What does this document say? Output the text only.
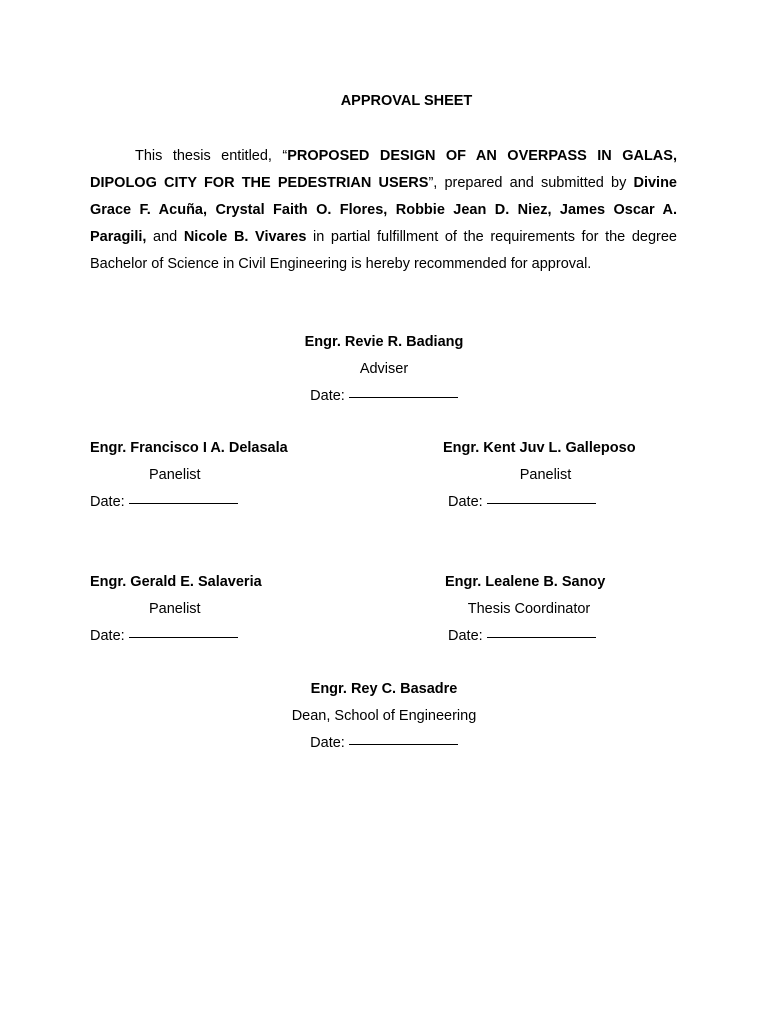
APPROVAL SHEET
This thesis entitled, “PROPOSED DESIGN OF AN OVERPASS IN GALAS, DIPOLOG CITY FOR THE PEDESTRIAN USERS”, prepared and submitted by Divine Grace F. Acuña, Crystal Faith O. Flores, Robbie Jean D. Niez, James Oscar A. Paragili, and Nicole B. Vivares in partial fulfillment of the requirements for the degree Bachelor of Science in Civil Engineering is hereby recommended for approval.
Engr. Revie R. Badiang
Adviser
Date:
Engr. Francisco I A. Delasala
Panelist
Date:
Engr. Kent Juv L. Galleposo
Panelist
Date:
Engr. Gerald E. Salaveria
Panelist
Date:
Engr. Lealene B. Sanoy
Thesis Coordinator
Date:
Engr. Rey C. Basadre
Dean, School of Engineering
Date:
